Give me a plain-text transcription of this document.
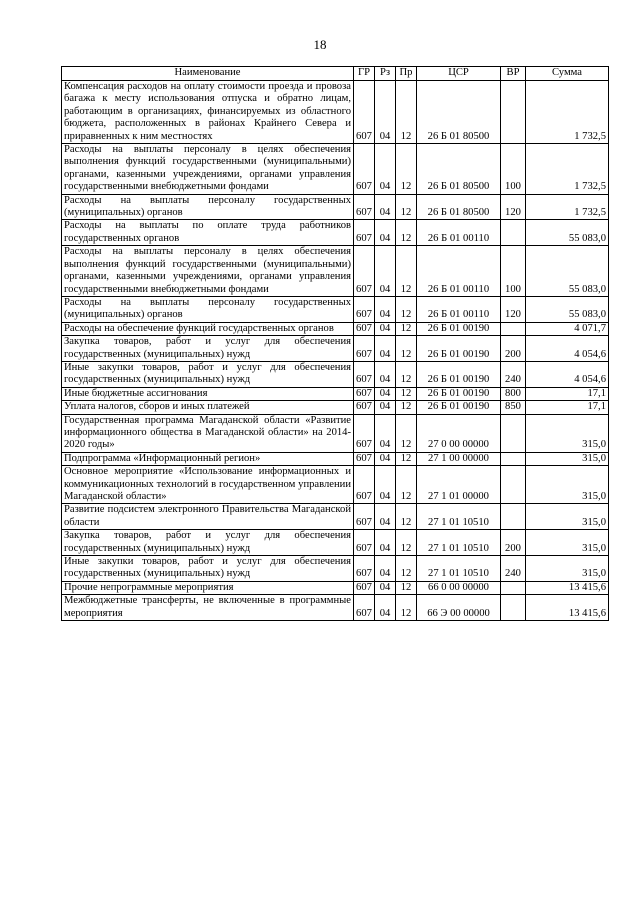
18
Наименование	ГР	Рз	Пр	ЦСР	ВР	Сумма
Компенсация расходов на оплату стоимости проезда и провоза багажа к месту использования отпуска и обратно лицам, работающим в организациях, финансируемых из областного бюджета, расположенных в районах Крайнего Севера и приравненных к ним местностях	607	04	12	26 Б 01 80500		1 732,5
Расходы на выплаты персоналу в целях обеспечения выполнения функций государственными (муниципальными) органами, казенными учреждениями, органами управления государственными внебюджетными фондами	607	04	12	26 Б 01 80500	100	1 732,5
Расходы на выплаты персоналу государственных (муниципальных) органов	607	04	12	26 Б 01 80500	120	1 732,5
Расходы на выплаты по оплате труда работников государственных органов	607	04	12	26 Б 01 00110		55 083,0
Расходы на выплаты персоналу в целях обеспечения выполнения функций государственными (муниципальными) органами, казенными учреждениями, органами управления государственными внебюджетными фондами	607	04	12	26 Б 01 00110	100	55 083,0
Расходы на выплаты персоналу государственных (муниципальных) органов	607	04	12	26 Б 01 00110	120	55 083,0
Расходы на обеспечение функций государственных органов	607	04	12	26 Б 01 00190		4 071,7
Закупка товаров, работ и услуг для обеспечения государственных (муниципальных) нужд	607	04	12	26 Б 01 00190	200	4 054,6
Иные закупки товаров, работ и услуг для обеспечения государственных (муниципальных) нужд	607	04	12	26 Б 01 00190	240	4 054,6
Иные бюджетные ассигнования	607	04	12	26 Б 01 00190	800	17,1
Уплата налогов, сборов и иных платежей	607	04	12	26 Б 01 00190	850	17,1
Государственная программа Магаданской области «Развитие информационного общества в Магаданской области» на 2014-2020 годы»	607	04	12	27 0 00 00000		315,0
Подпрограмма «Информационный регион»	607	04	12	27 1 00 00000		315,0
Основное мероприятие «Использование информационных и коммуникационных технологий в государственном управлении Магаданской области»	607	04	12	27 1 01 00000		315,0
Развитие подсистем электронного Правительства Магаданской области	607	04	12	27 1 01 10510		315,0
Закупка товаров, работ и услуг для обеспечения государственных (муниципальных) нужд	607	04	12	27 1 01 10510	200	315,0
Иные закупки товаров, работ и услуг для обеспечения государственных (муниципальных) нужд	607	04	12	27 1 01 10510	240	315,0
Прочие непрограммные мероприятия	607	04	12	66 0 00 00000		13 415,6
Межбюджетные трансферты, не включенные в программные мероприятия	607	04	12	66 Э 00 00000		13 415,6
